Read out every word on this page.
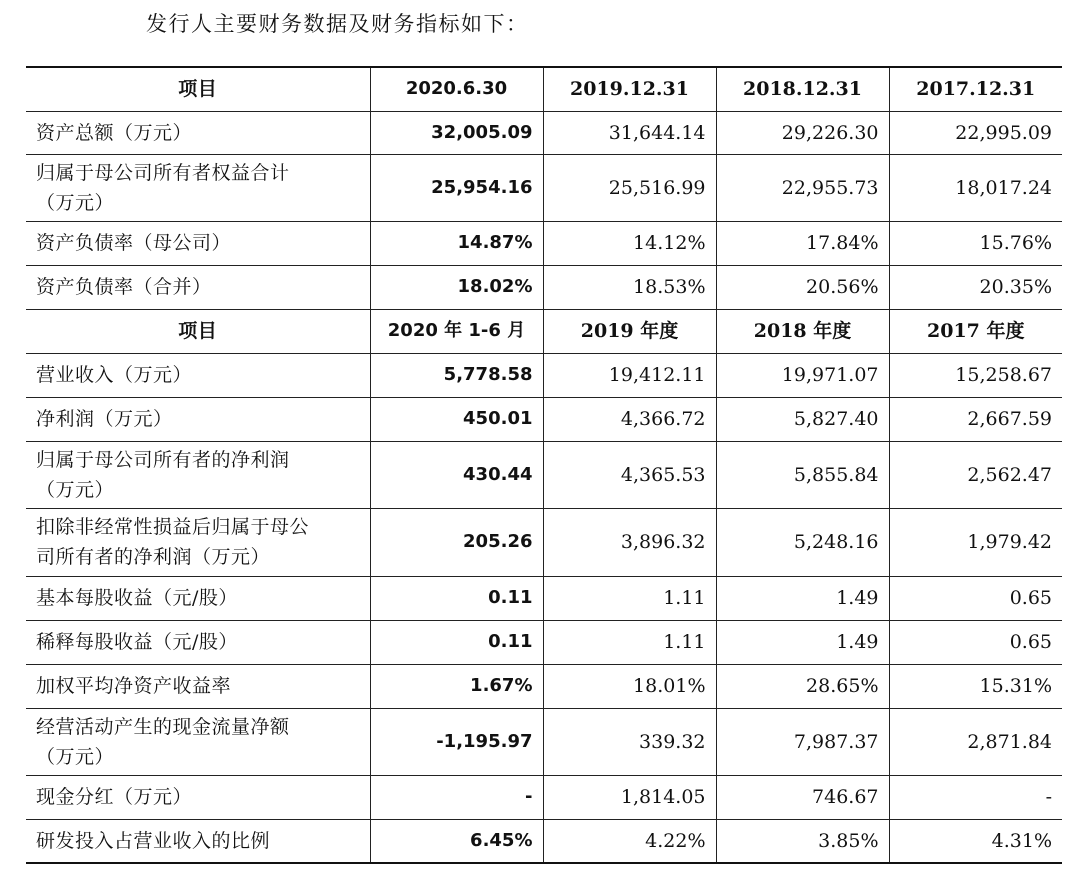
发行人主要财务数据及财务指标如下：
项目	2020.6.30	2019.12.31	2018.12.31	2017.12.31

资产总额（万元）	32,005.09	31,644.14	29,226.30	22,995.09

归属于母公司所有者权益合计
（万元）	25,954.16	25,516.99	22,955.73	18,017.24

资产负债率（母公司）	14.87%	14.12%	17.84%	15.76%

资产负债率（合并）	18.02%	18.53%	20.56%	20.35%
项目	2020 年 1-6 月	2019 年度	2018 年度	2017 年度

营业收入（万元）	5,778.58	19,412.11	19,971.07	15,258.67

净利润（万元）	450.01	4,366.72	5,827.40	2,667.59

归属于母公司所有者的净利润
（万元）	430.44	4,365.53	5,855.84	2,562.47

扣除非经常性损益后归属于母公
司所有者的净利润（万元）	205.26	3,896.32	5,248.16	1,979.42

基本每股收益（元/股）	0.11	1.11	1.49	0.65

稀释每股收益（元/股）	0.11	1.11	1.49	0.65

加权平均净资产收益率	1.67%	18.01%	28.65%	15.31%

经营活动产生的现金流量净额
（万元）	-1,195.97	339.32	7,987.37	2,871.84

现金分红（万元）	-	1,814.05	746.67	-

研发投入占营业收入的比例	6.45%	4.22%	3.85%	4.31%
